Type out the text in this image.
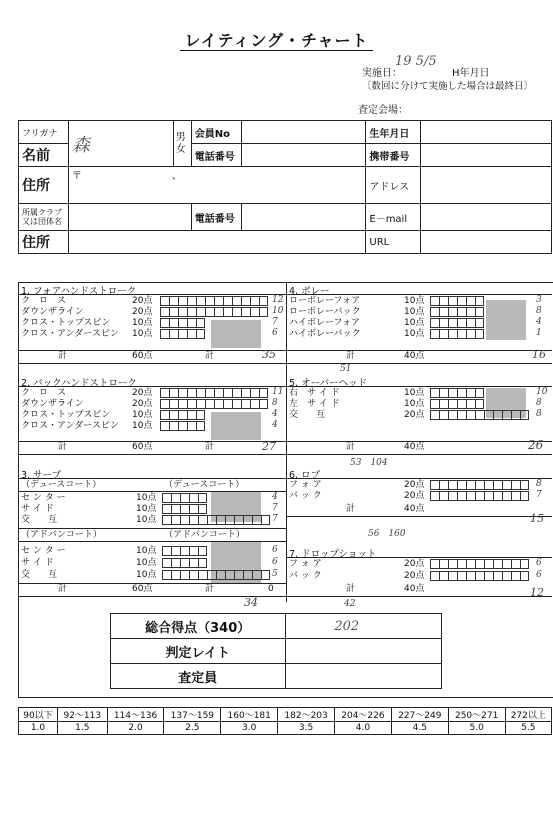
レイティング・チャート
実施日：
19 5/5
H年月日
〔数回に分けて実施した場合は最終日〕
査定会場：
フリガナ	森	男女	会員No		生年月日	
名前			電話番号		携帯番号	
住所	〒 、				アドレス	
所属クラブ又は団体名			電話番号		E－mail	
住所					URL	
1. フォアハンドストローク
ク　ロ　ス	20点	12
ダウンザライン	20点	10
クロス・トップスピン 10点	7
クロス・アンダースピン 10点	6
計	60点	計	35
4. ボレー
ローボレーフォア	10点	3
ローボレーバック	10点	8
ハイボレーフォア	10点	4
ハイボレーバック	10点	1
計	40点	16
51
2. バックハンドストローク
ク　ロ　ス	20点	11
ダウンザライン	20点	8
クロス・トップスピン 10点	4
クロス・アンダースピン 10点	4
計	60点	計	27
5. オーバーヘッド
右　サ イ ド	10点	10
左　サ イ ド	10点	8
交　　互	20点	8
計	40点	26
53　104
3. サーブ
（デュースコート）	（デュースコート）
セ ン タ ー	10点	4
サ イ ド	10点	7
交　　互	10点	7
（アドバンコート）	（アドバンコート）
セ ン タ ー	10点	6
サ イ ド	10点	6
交　　互	10点	5
計	60点	計	0
34
6. ロブ
フ ォ ア	20点	8
バ ッ ク	20点	7
計	40点
15
56　160
7. ドロップショット
フ ォ ア	20点	6
バ ッ ク	20点	6
計	40点	12
42
総合得点（340）	202
判定レイト	
査定員	
90以下	92～113	114～136	137～159	160～181	182～203	204～226	227～249	250～271	272以上
1.0	1.5	2.0	2.5	3.0	3.5	4.0	4.5	5.0	5.5
